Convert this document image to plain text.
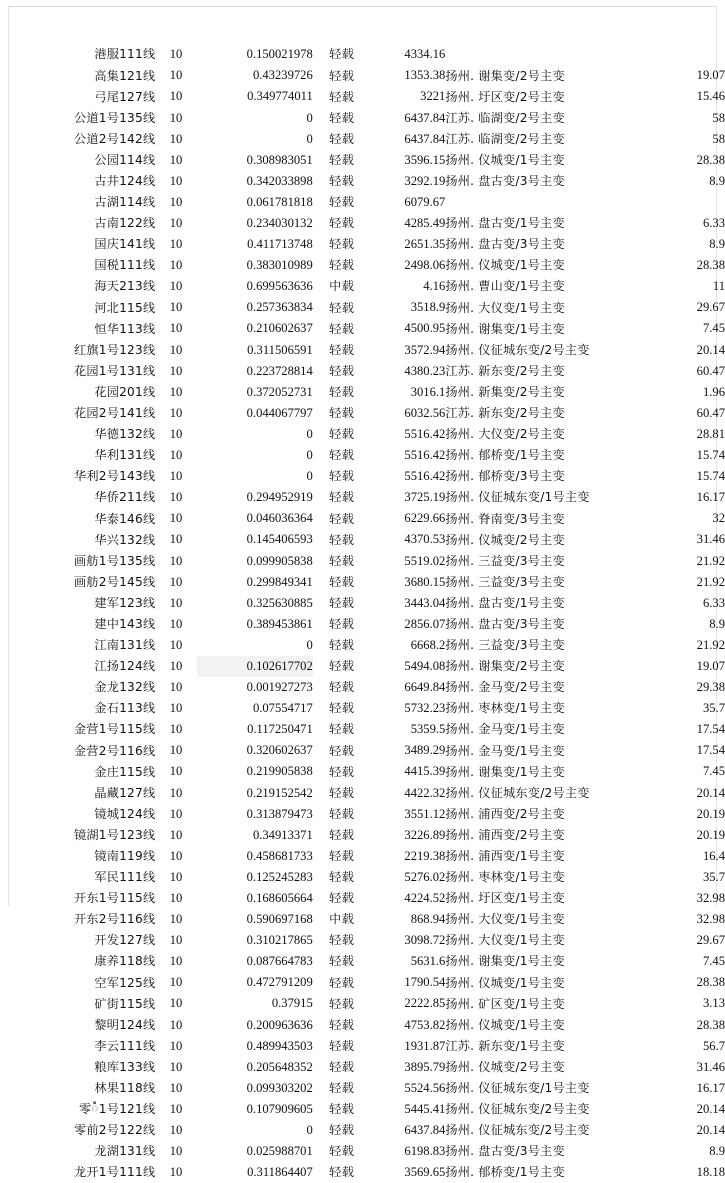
港服111线	10	0.150021978	轻载	4334.16		
高集121线	10	0.43239726	轻载	1353.38	扬州. 谢集变/2号主变	19.07
弓尾127线	10	0.349774011	轻载	3221	扬州. 圩区变/2号主变	15.46
公道1号135线	10	0	轻载	6437.84	江苏. 临湖变/2号主变	58
公道2号142线	10	0	轻载	6437.84	江苏. 临湖变/2号主变	58
公园114线	10	0.308983051	轻载	3596.15	扬州. 仪城变/1号主变	28.38
古井124线	10	0.342033898	轻载	3292.19	扬州. 盘古变/3号主变	8.9
古湖114线	10	0.061781818	轻载	6079.67		
古南122线	10	0.234030132	轻载	4285.49	扬州. 盘古变/1号主变	6.33
国庆141线	10	0.411713748	轻载	2651.35	扬州. 盘古变/3号主变	8.9
国税111线	10	0.383010989	轻载	2498.06	扬州. 仪城变/1号主变	28.38
海天213线	10	0.699563636	中载	4.16	扬州. 曹山变/1号主变	11
河北115线	10	0.257363834	轻载	3518.9	扬州. 大仪变/1号主变	29.67
恒华113线	10	0.210602637	轻载	4500.95	扬州. 谢集变/1号主变	7.45
红旗1号123线	10	0.311506591	轻载	3572.94	扬州. 仪征城东变/2号主变	20.14
花园1号131线	10	0.223728814	轻载	4380.23	江苏. 新东变/2号主变	60.47
花园201线	10	0.372052731	轻载	3016.1	扬州. 新集变/2号主变	1.96
花园2号141线	10	0.044067797	轻载	6032.56	江苏. 新东变/2号主变	60.47
华德132线	10	0	轻载	5516.42	扬州. 大仪变/2号主变	28.81
华利131线	10	0	轻载	5516.42	扬州. 郁桥变/1号主变	15.74
华利2号143线	10	0	轻载	5516.42	扬州. 郁桥变/3号主变	15.74
华侨211线	10	0.294952919	轻载	3725.19	扬州. 仪征城东变/1号主变	16.17
华泰146线	10	0.046036364	轻载	6229.66	扬州. 脊南变/3号主变	32
华兴132线	10	0.145406593	轻载	4370.53	扬州. 仪城变/2号主变	31.46
画舫1号135线	10	0.099905838	轻载	5519.02	扬州. 三益变/3号主变	21.92
画舫2号145线	10	0.299849341	轻载	3680.15	扬州. 三益变/3号主变	21.92
建军123线	10	0.325630885	轻载	3443.04	扬州. 盘古变/1号主变	6.33
建中143线	10	0.389453861	轻载	2856.07	扬州. 盘古变/3号主变	8.9
江南131线	10	0	轻载	6668.2	扬州. 三益变/3号主变	21.92
江扬124线	10	0.102617702	轻载	5494.08	扬州. 谢集变/2号主变	19.07
金龙132线	10	0.001927273	轻载	6649.84	扬州. 金马变/2号主变	29.38
金石113线	10	0.07554717	轻载	5732.23	扬州. 枣林变/1号主变	35.7
金营1号115线	10	0.117250471	轻载	5359.5	扬州. 金马变/1号主变	17.54
金营2号116线	10	0.320602637	轻载	3489.29	扬州. 金马变/1号主变	17.54
金庄115线	10	0.219905838	轻载	4415.39	扬州. 谢集变/1号主变	7.45
晶藏127线	10	0.219152542	轻载	4422.32	扬州. 仪征城东变/2号主变	20.14
镜城124线	10	0.313879473	轻载	3551.12	扬州. 浦西变/2号主变	20.19
镜湖1号123线	10	0.34913371	轻载	3226.89	扬州. 浦西变/2号主变	20.19
镜南119线	10	0.458681733	轻载	2219.38	扬州. 浦西变/1号主变	16.4
军民111线	10	0.125245283	轻载	5276.02	扬州. 枣林变/1号主变	35.7
开东1号115线	10	0.168605664	轻载	4224.52	扬州. 圩区变/1号主变	32.98
开东2号116线	10	0.590697168	中载	868.94	扬州. 大仪变/1号主变	32.98
开发127线	10	0.310217865	轻载	3098.72	扬州. 大仪变/1号主变	29.67
康养118线	10	0.087664783	轻载	5631.6	扬州. 谢集变/1号主变	7.45
空军125线	10	0.472791209	轻载	1790.54	扬州. 仪城变/1号主变	28.38
矿街115线	10	0.37915	轻载	2222.85	扬州. 矿区变/1号主变	3.13
黎明124线	10	0.200963636	轻载	4753.82	扬州. 仪城变/1号主变	28.38
李云111线	10	0.489943503	轻载	1931.87	江苏. 新东变/1号主变	56.7
粮库133线	10	0.205648352	轻载	3895.79	扬州. 仪城变/2号主变	31.46
林果118线	10	0.099303202	轻载	5524.56	扬州. 仪征城东变/1号主变	16.17
零ំ1号121线	10	0.107909605	轻载	5445.41	扬州. 仪征城东变/2号主变	20.14
零前2号122线	10	0	轻载	6437.84	扬州. 仪征城东变/2号主变	20.14
龙湖131线	10	0.025988701	轻载	6198.83	扬州. 盘古变/3号主变	8.9
龙开1号111线	10	0.311864407	轻载	3569.65	扬州. 郁桥变/1号主变	18.18
